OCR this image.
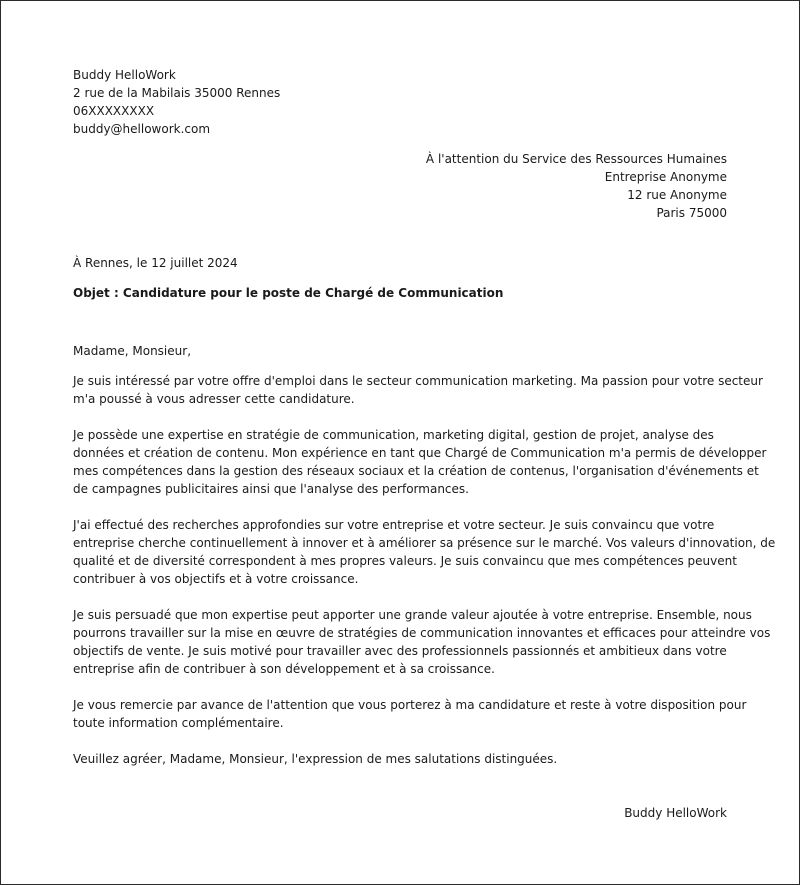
Buddy HelloWork
2 rue de la Mabilais 35000 Rennes
06XXXXXXXX
buddy@hellowork.com
À l'attention du Service des Ressources Humaines
Entreprise Anonyme
12 rue Anonyme
Paris 75000
À Rennes, le 12 juillet 2024
Objet : Candidature pour le poste de Chargé de Communication
Madame, Monsieur,
Je suis intéressé par votre offre d'emploi dans le secteur communication marketing. Ma passion pour votre secteur
m'a poussé à vous adresser cette candidature.
Je possède une expertise en stratégie de communication, marketing digital, gestion de projet, analyse des
données et création de contenu. Mon expérience en tant que Chargé de Communication m'a permis de développer
mes compétences dans la gestion des réseaux sociaux et la création de contenus, l'organisation d'événements et
de campagnes publicitaires ainsi que l'analyse des performances.
J'ai effectué des recherches approfondies sur votre entreprise et votre secteur. Je suis convaincu que votre
entreprise cherche continuellement à innover et à améliorer sa présence sur le marché. Vos valeurs d'innovation, de
qualité et de diversité correspondent à mes propres valeurs. Je suis convaincu que mes compétences peuvent
contribuer à vos objectifs et à votre croissance.
Je suis persuadé que mon expertise peut apporter une grande valeur ajoutée à votre entreprise. Ensemble, nous
pourrons travailler sur la mise en œuvre de stratégies de communication innovantes et efficaces pour atteindre vos
objectifs de vente. Je suis motivé pour travailler avec des professionnels passionnés et ambitieux dans votre
entreprise afin de contribuer à son développement et à sa croissance.
Je vous remercie par avance de l'attention que vous porterez à ma candidature et reste à votre disposition pour
toute information complémentaire.
Veuillez agréer, Madame, Monsieur, l'expression de mes salutations distinguées.
Buddy HelloWork
